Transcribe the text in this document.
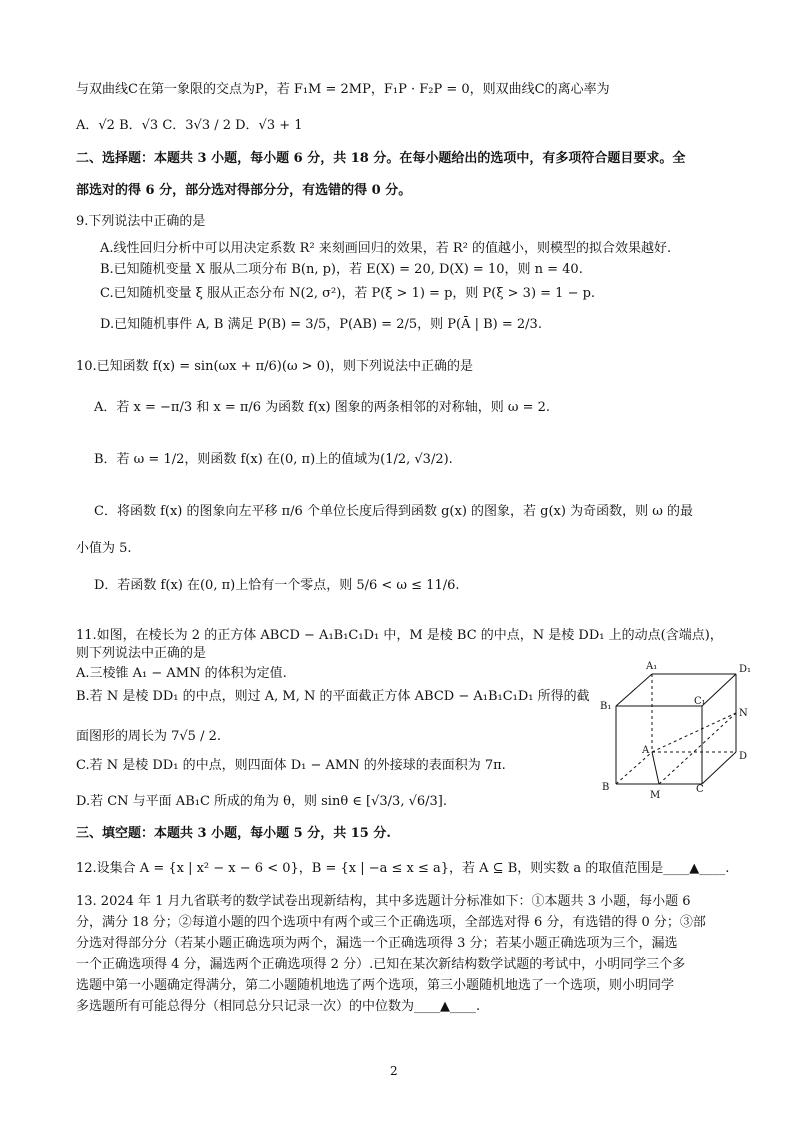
与双曲线C在第一象限的交点为P，若 F₁M = 2MP，F₁P · F₂P = 0，则双曲线C的离心率为
A．√2 B．√3 C．3√3 / 2 D．√3 + 1
二、选择题：本题共 3 小题，每小题 6 分，共 18 分。在每小题给出的选项中，有多项符合题目要求。全
部选对的得 6 分，部分选对得部分分，有选错的得 0 分。
9.下列说法中正确的是
A.线性回归分析中可以用决定系数 R² 来刻画回归的效果，若 R² 的值越小，则模型的拟合效果越好.
B.已知随机变量 X 服从二项分布 B(n, p)，若 E(X) = 20, D(X) = 10，则 n = 40.
C.已知随机变量 ξ 服从正态分布 N(2, σ²)，若 P(ξ > 1) = p，则 P(ξ > 3) = 1 − p.
D.已知随机事件 A, B 满足 P(B) = 3/5，P(AB) = 2/5，则 P(Ā | B) = 2/3.
10.已知函数 f(x) = sin(ωx + π/6)(ω > 0)，则下列说法中正确的是
A．若 x = −π/3 和 x = π/6 为函数 f(x) 图象的两条相邻的对称轴，则 ω = 2.
B．若 ω = 1/2，则函数 f(x) 在(0, π)上的值域为(1/2, √3/2).
C．将函数 f(x) 的图象向左平移 π/6 个单位长度后得到函数 g(x) 的图象，若 g(x) 为奇函数，则 ω 的最
小值为 5.
D．若函数 f(x) 在(0, π)上恰有一个零点，则 5/6 < ω ≤ 11/6.
11.如图，在棱长为 2 的正方体 ABCD − A₁B₁C₁D₁ 中，M 是棱 BC 的中点，N 是棱 DD₁ 上的动点(含端点)，
则下列说法中正确的是
A.三棱锥 A₁ − AMN 的体积为定值.
B.若 N 是棱 DD₁ 的中点，则过 A, M, N 的平面截正方体 ABCD − A₁B₁C₁D₁ 所得的截
面图形的周长为 7√5 / 2.
C.若 N 是棱 DD₁ 的中点，则四面体 D₁ − AMN 的外接球的表面积为 7π.
D.若 CN 与平面 AB₁C 所成的角为 θ，则 sinθ ∈ [√3/3, √6/3].
三、填空题：本题共 3 小题，每小题 5 分，共 15 分.
12.设集合 A = {x | x² − x − 6 < 0}，B = {x | −a ≤ x ≤ a}，若 A ⊆ B，则实数 a 的取值范围是____▲____.
13. 2024 年 1 月九省联考的数学试卷出现新结构，其中多选题计分标准如下：①本题共 3 小题，每小题 6
分，满分 18 分；②每道小题的四个选项中有两个或三个正确选项，全部选对得 6 分，有选错的得 0 分；③部
分选对得部分分（若某小题正确选项为两个，漏选一个正确选项得 3 分；若某小题正确选项为三个，漏选
一个正确选项得 4 分，漏选两个正确选项得 2 分）.已知在某次新结构数学试题的考试中，小明同学三个多
选题中第一小题确定得满分，第二小题随机地选了两个选项，第三小题随机地选了一个选项，则小明同学
多选题所有可能总得分（相同总分只记录一次）的中位数为____▲____.
A₁	D₁
B₁	C₁
N
A
D
B
M
C
2
